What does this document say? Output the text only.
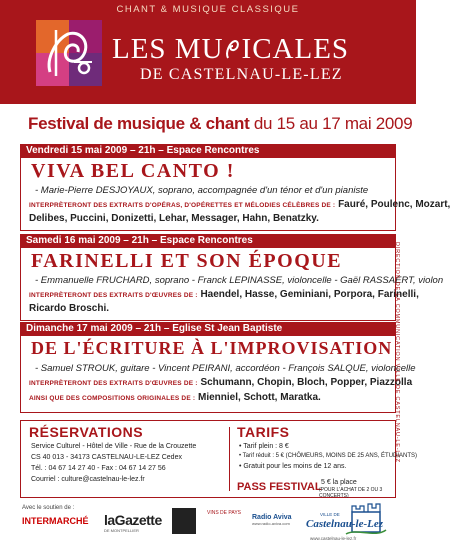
CHANT & MUSIQUE CLASSIQUE
LES MU ICALES
DE CASTELNAU-LE-LEZ
Festival de musique & chant du 15 au 17 mai 2009
Vendredi 15 mai 2009 – 21h – Espace Rencontres
VIVA BEL CANTO !
- Marie-Pierre DESJOYAUX, soprano, accompagnée d'un ténor et d'un pianiste
INTERPRÈTERONT DES EXTRAITS D'OPÉRAS, D'OPÉRETTES ET MÉLODIES CÉLÈBRES DE : Fauré, Poulenc, Mozart,
Delibes, Puccini, Donizetti, Lehar, Messager, Hahn, Benatzky.
Samedi 16 mai 2009 – 21h – Espace Rencontres
FARINELLI ET SON ÉPOQUE
- Emmanuelle FRUCHARD, soprano - Franck LEPINASSE, violoncelle - Gaël RASSAERT, violon
INTERPRÈTERONT DES EXTRAITS D'ŒUVRES DE : Haendel, Hasse, Geminiani, Porpora, Farinelli,
Ricardo Broschi.
Dimanche 17 mai 2009 – 21h – Eglise St Jean Baptiste
DE L'ÉCRITURE À L'IMPROVISATION
- Samuel STROUK, guitare - Vincent PEIRANI, accordéon - François SALQUE, violoncelle
INTERPRÈTERONT DES EXTRAITS D'ŒUVRES DE : Schumann, Chopin, Bloch, Popper, Piazzolla
AINSI QUE DES COMPOSITIONS ORIGINALES DE : Mienniel, Schott, Maratka.	DIRECTION DE LA COMMUNICATION VILLE DE CASTELNAU-LE-LEZ
RÉSERVATIONS
Service Culturel - Hôtel de Ville - Rue de la Crouzette
CS 40 013 - 34173 CASTELNAU-LE-LEZ Cedex
Tél. : 04 67 14 27 40 - Fax : 04 67 14 27 56
Courriel : culture@castelnau-le-lez.fr
TARIFS
• Tarif plein : 8 €
• Tarif réduit : 5 € (CHÔMEURS, MOINS DE 25 ANS, ÉTUDIANTS)
• Gratuit pour les moins de 12 ans.
PASS FESTIVAL 5 € la place
(POUR L'ACHAT DE 2 OU 3 CONCERTS)
Avec le soutien de :
INTERMARCHÉ laGazette
DE MONTPELLIER
VINS DE PAYS
Radio Aviva
www.radio-aviva.com
VILLE DE
Castelnau-le-Lez
www.castelnau-le-lez.fr
